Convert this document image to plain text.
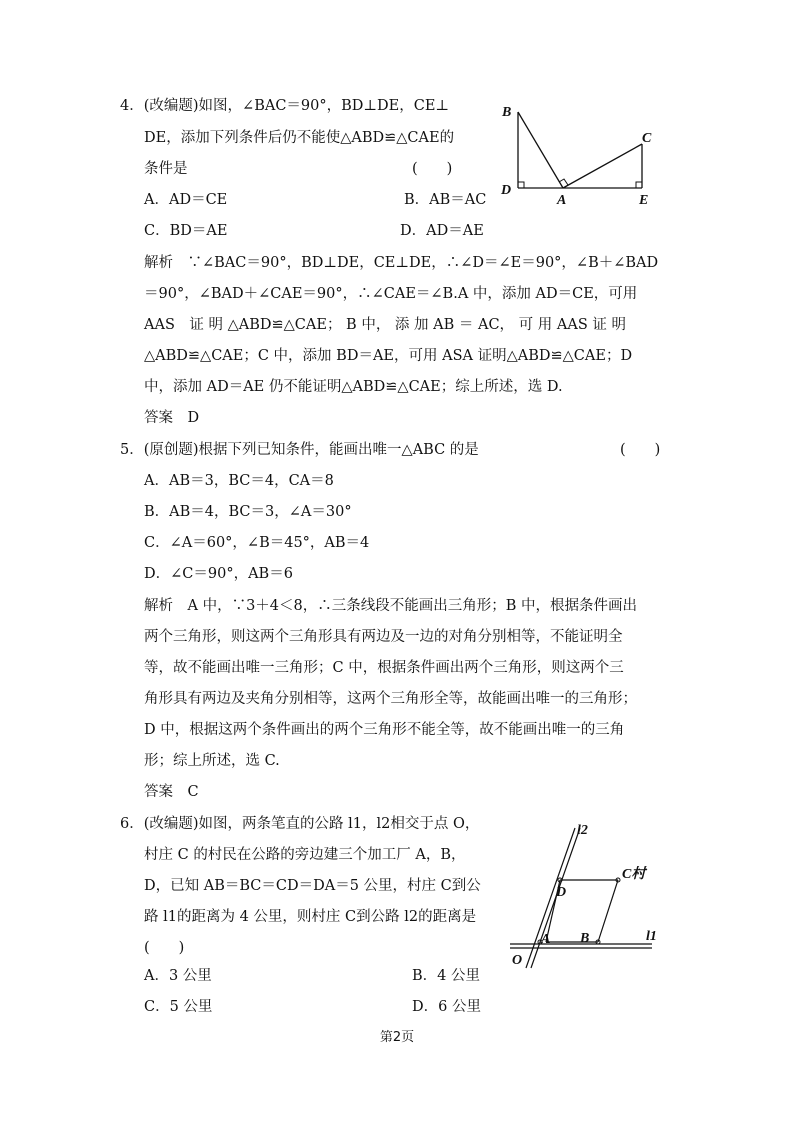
4．(改编题)如图，∠BAC＝90°，BD⊥DE，CE⊥
DE，添加下列条件后仍不能使△ABD≌△CAE的
条件是	(　　)
A．AD＝CE	B．AB＝AC
C．BD＝AE	D．AD＝AE
B
C
D
A	E
解析　∵∠BAC＝90°，BD⊥DE，CE⊥DE，∴∠D＝∠E＝90°，∠B＋∠BAD
＝90°，∠BAD＋∠CAE＝90°，∴∠CAE＝∠B.A 中，添加 AD＝CE，可用
AAS　证 明 △ABD≌△CAE； B 中， 添 加 AB ＝ AC， 可 用 AAS 证 明
△ABD≌△CAE；C 中，添加 BD＝AE，可用 ASA 证明△ABD≌△CAE；D
中，添加 AD＝AE 仍不能证明△ABD≌△CAE；综上所述，选 D.
答案　D
5．(原创题)根据下列已知条件，能画出唯一△ABC 的是	(　　)
A．AB＝3，BC＝4，CA＝8
B．AB＝4，BC＝3，∠A＝30°
C．∠A＝60°，∠B＝45°，AB＝4
D．∠C＝90°，AB＝6
解析　A 中，∵3＋4＜8，∴三条线段不能画出三角形；B 中，根据条件画出
两个三角形，则这两个三角形具有两边及一边的对角分别相等，不能证明全
等，故不能画出唯一三角形；C 中，根据条件画出两个三角形，则这两个三
角形具有两边及夹角分别相等，这两个三角形全等，故能画出唯一的三角形；
D 中，根据这两个条件画出的两个三角形不能全等，故不能画出唯一的三角
形；综上所述，选 C.
答案　C
6．(改编题)如图，两条笔直的公路 l1，l2相交于点 O，
村庄 C 的村民在公路的旁边建三个加工厂 A，B，
D，已知 AB＝BC＝CD＝DA＝5 公里，村庄 C到公
路 l1的距离为 4 公里，则村庄 C到公路 l2的距离是
(　　)
A．3 公里	B．4 公里
C．5 公里	D．6 公里
l2
l1
C村
D
A B
O
第2页
